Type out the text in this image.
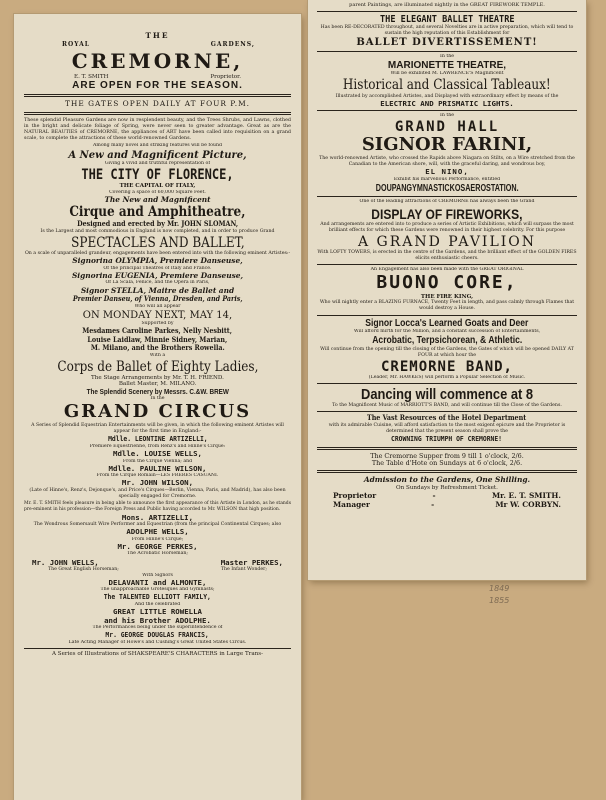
THE
ROYAL	GARDENS,
CREMORNE,
E. T. SMITH	Proprietor.
ARE OPEN FOR THE SEASON.
THE GATES OPEN DAILY AT FOUR P.M.
These splendid Pleasure Gardens are now in resplendent beauty, and the Trees Shrubs, and Lawns, clothed in the bright and delicate foliage of Spring, were never seen to greater advantage. Great as are the NATURAL BEAUTIES of CREMORNE, the appliances of ART have been called into requisition on a grand scale, to complete the attractions of these world-renowned Gardens.
Among many novel and striking features will be found
A New and Magnificent Picture,
Giving a vivid and truthful representation of
THE CITY OF FLORENCE,
THE CAPITAL OF ITALY,
Covering a space of 60,000 Square Feet.
The New and Magnificent
Cirque and Amphitheatre,
Designed and erected by Mr. JOHN SLOMAN,
Is the Largest and most commodious in England is now completed, and in order to produce Grand
SPECTACLES AND BALLET,
On a scale of unparalleled grandeur, engagements have been entered into with the following eminent Artistes:-
Signorina OLYMPIA, Premiere Danseuse,
Of the principal Theatres of Italy and France.
Signorina EUGENIA, Premiere Danseuse,
Of La Scala, Fenice, and the Opera in Paris,
Signor STELLA, Maitre de Ballet and
Premier Danseu, of Vienna, Dresden, and Paris,
Who will all appear
ON MONDAY NEXT, MAY 14,
Supported by
Mesdames Caroline Parkes, Nelly Nesbitt,
Louise Laidlaw, Minnie Sidney, Marian,
M. Milano, and the Brothers Rowella.
With a
Corps de Ballet of Eighty Ladies,
The Stage Arrangements by Mr. T. H. FRIEND.
Ballet Master, M. MILANO.
The Splendid Scenery by Messrs. C.&W. BREW
In the
GRAND CIRCUS
A Series of Splendid Equestrian Entertainments will be given, in which the following eminent Artistes will appear for the first time in England:-
Mdlle. LEONTINE ARTIZELLI,
Premiere Equestrienne, from Renz's and Hinne's Cirque:
Mdlle. LOUISE WELLS,
From the Cirque Vienna; and
Mdlle. PAULINE WILSON,
From the Cirque Romain—LES FRERES CASUANI.
Mr. JOHN WILSON,
(Late of Hinne's, Renz's, Dejonque's, and Price's Cirques—Berlin, Vienna, Paris, and Madrid), has also been specially engaged for Cremorne.
Mr. E. T. SMITH feels pleasure in being able to announce the first appearance of this Artiste in London, as he stands pre-eminent in his profession—the Foreign Press and Public having accorded to Mr. WILSON that high position.
Mons. ARTIZELLI,
The Wondrous Somersault Wire Performer and Equestrian (from the principal Continental Cirques; also
ADOLPHE WELLS,
From Hinne's Cirque;
Mr. GEORGE PERKES,
The Acrobatic Horseman;
Mr. JOHN WELLS,	Master PERKES,
The Great English Horseman;	The Infant Wonder;
With Signors
DELAVANTI and ALMONTE,
The unapproachable Grotesques and Gymnasts;
The TALENTED ELLIOTT FAMILY,
And the celebrated
GREAT LITTLE ROWELLA
and his Brother ADOLPHE.
The Performances being under the superintendence of
Mr. GEORGE DOUGLAS FRANCIS,
Late Acting Manager of Howe's and Cushing's Great United States Circus.
A Series of Illustrations of SHAKSPEARE'S CHARACTERS in Large Trans-
parent Paintings, are illuminated nightly in the GREAT FIREWORK TEMPLE.
THE ELEGANT BALLET THEATRE
Has been RE-DECORATED throughout, and several Novelties are in active preparation, which will tend to sustain the high reputation of this Establishment for
BALLET DIVERTISSEMENT!
In the
MARIONETTE THEATRE,
Will be exhibited M. LAWRENCE'S Magnificent
Historical and Classical Tableaux!
Illustrated by accomplished Artistes, and Displayed with extraordinary effect by means of the
ELECTRIC AND PRISMATIC LIGHTS.
In the
GRAND HALL
SIGNOR FARINI,
The world-renowned Artiste, who crossed the Rapids above Niagara on Stilts, on a Wire stretched from the Canadian to the American shore, will, with the graceful daring, and wondrous boy,
EL NINO,
Exhibit his marvellous Performance, entitled
DOUPANGYMNASTICKOSAEROSTATION.
One of the leading attractions of CREMORNE has always been the Grand
DISPLAY OF FIREWORKS,
And arrangements are entered into to produce a series of Artistic Exhibitions, which will surpass the most brilliant effects for which these Gardens were renowned in their highest celebrity. For this purpose
A GRAND PAVILION
With LOFTY TOWERS, is erected in the centre of the Gardens, and the brilliant effect of the GOLDEN FIRES elicits enthusiastic cheers.
An Engagement has also been made with the GREAT ORIGINAL
BUONO CORE,
THE FIRE KING,
Who will nightly enter a BLAZING FURNACE, Twenty Feet in length, and pass calmly through Flames that would destroy a House.
Signor Locca's Learned Goats and Deer
Will afford mirth for the Million, and a constant succession of Entertainments,
Acrobatic, Terpsichorean, & Athletic.
Will continue from the opening till the closing of the Gardens, the Gates of which will be opened DAILY AT FOUR at which hour the
CREMORNE BAND,
(Leader, Mr. HAWKES) will perform a Popular Selection of Music.
Dancing will commence at 8
To the Magnificent Music of MARRIOTT'S BAND, and will continue till the Close of the Gardens.
The Vast Resources of the Hotel Department
with its admirable Cuisine, will afford satisfaction to the most exigent epicure and the Proprietor is determined that the present season shall prove the
CROWNING TRIUMPH OF CREMORNE!
The Cremorne Supper from 9 till 1 o'clock, 2/6.
The Table d'Hote on Sundays at 6 o'clock, 2/6.
Admission to the Gardens, One Shilling.
On Sundays by Refreshment Ticket.
Proprietor	-	Mr. E. T. SMITH.
Manager	-	Mr W. CORBYN.
1849
1855
